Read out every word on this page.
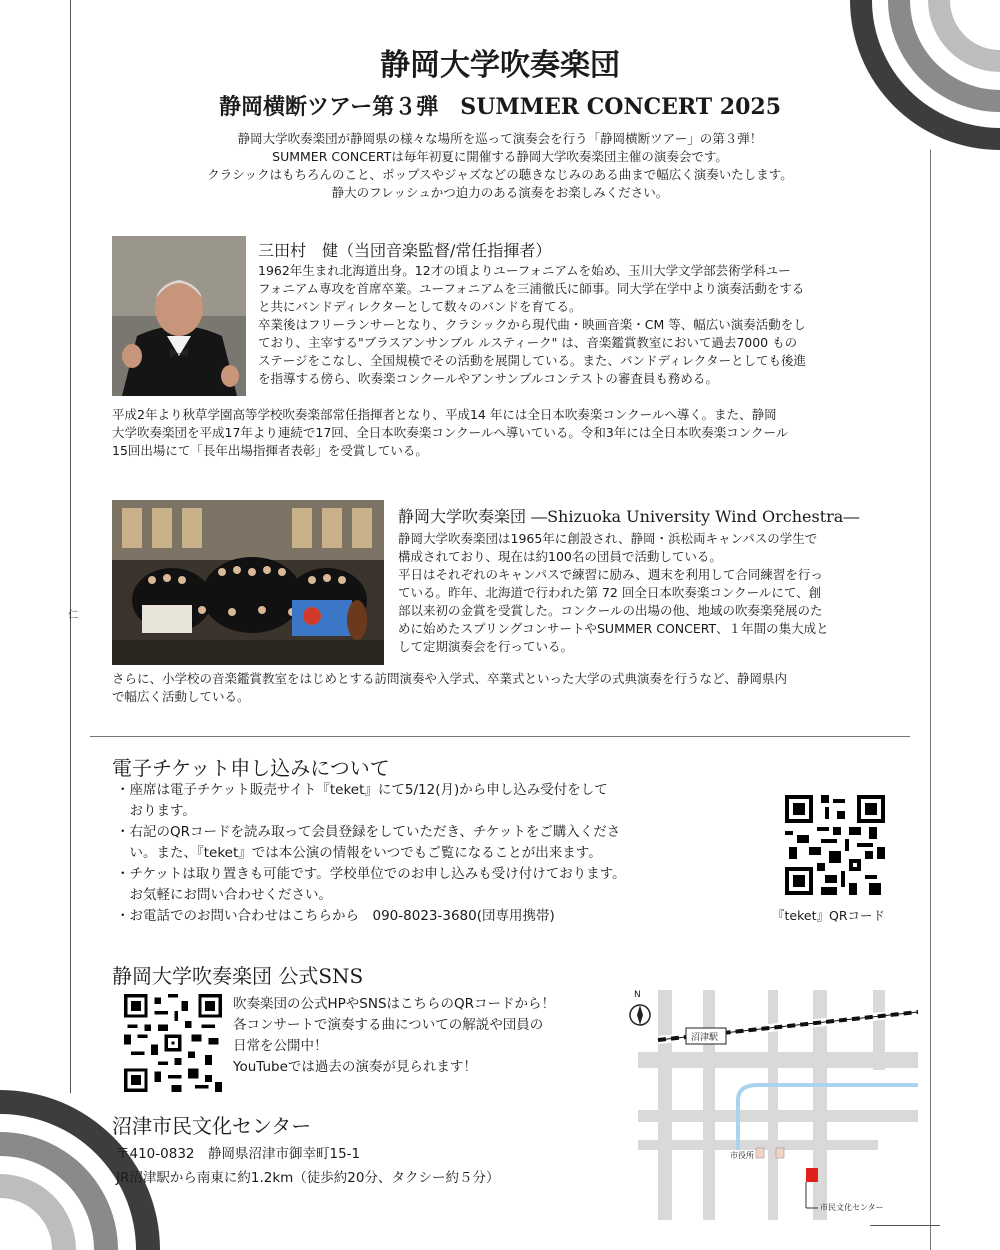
静岡大学吹奏楽団
静岡横断ツアー第３弾　SUMMER CONCERT 2025
静岡大学吹奏楽団が静岡県の様々な場所を巡って演奏会を行う「静岡横断ツアー」の第３弾！
SUMMER CONCERTは毎年初夏に開催する静岡大学吹奏楽団主催の演奏会です。
クラシックはもちろんのこと、ポップスやジャズなどの聴きなじみのある曲まで幅広く演奏いたします。
静大のフレッシュかつ迫力のある演奏をお楽しみください。
三田村　健（当団音楽監督/常任指揮者）
1962年生まれ北海道出身。12才の頃よりユーフォニアムを始め、玉川大学文学部芸術学科ユー
フォニアム専攻を首席卒業。ユーフォニアムを三浦徹氏に師事。同大学在学中より演奏活動をする
と共にバンドディレクターとして数々のバンドを育てる。
卒業後はフリーランサーとなり、クラシックから現代曲・映画音楽・CM 等、幅広い演奏活動をし
ており、主宰する"ブラスアンサンブル ルスティーク" は、音楽鑑賞教室において過去7000 もの
ステージをこなし、全国規模でその活動を展開している。また、バンドディレクターとしても後進
を指導する傍ら、吹奏楽コンクールやアンサンブルコンテストの審査員も務める。
平成2年より秋草学園高等学校吹奏楽部常任指揮者となり、平成14 年には全日本吹奏楽コンクールへ導く。また、静岡
大学吹奏楽団を平成17年より連続で17回、全日本吹奏楽コンクールへ導いている。令和3年には全日本吹奏楽コンクール
15回出場にて「長年出場指揮者表彰」を受賞している。
仁
静岡大学吹奏楽団 ―Shizuoka University Wind Orchestra―
静岡大学吹奏楽団は1965年に創設され、静岡・浜松両キャンパスの学生で
構成されており、現在は約100名の団員で活動している。
平日はそれぞれのキャンパスで練習に励み、週末を利用して合同練習を行っ
ている。昨年、北海道で行われた第 72 回全日本吹奏楽コンクールにて、創
部以来初の金賞を受賞した。コンクールの出場の他、地域の吹奏楽発展のた
めに始めたスプリングコンサートやSUMMER CONCERT、１年間の集大成と
して定期演奏会を行っている。
さらに、小学校の音楽鑑賞教室をはじめとする訪問演奏や入学式、卒業式といった大学の式典演奏を行うなど、静岡県内
で幅広く活動している。
電子チケット申し込みについて
・座席は電子チケット販売サイト『teket』にて5/12(月)から申し込み受付をして
　おります。
・右記のQRコードを読み取って会員登録をしていただき、チケットをご購入くださ
　い。また、『teket』では本公演の情報をいつでもご覧になることが出来ます。
・チケットは取り置きも可能です。学校単位でのお申し込みも受け付けております。
　お気軽にお問い合わせください。
・お電話でのお問い合わせはこちらから　090-8023-3680(団専用携帯)	『teket』QRコード
静岡大学吹奏楽団 公式SNS
吹奏楽団の公式HPやSNSはこちらのQRコードから！
各コンサートで演奏する曲についての解説や団員の
日常を公開中！
YouTubeでは過去の演奏が見られます！
沼津市民文化センター
〒410-0832　静岡県沼津市御幸町15-1
JR沼津駅から南東に約1.2km（徒歩約20分、タクシー約５分）
N
沼津駅
市役所
市民文化センター
